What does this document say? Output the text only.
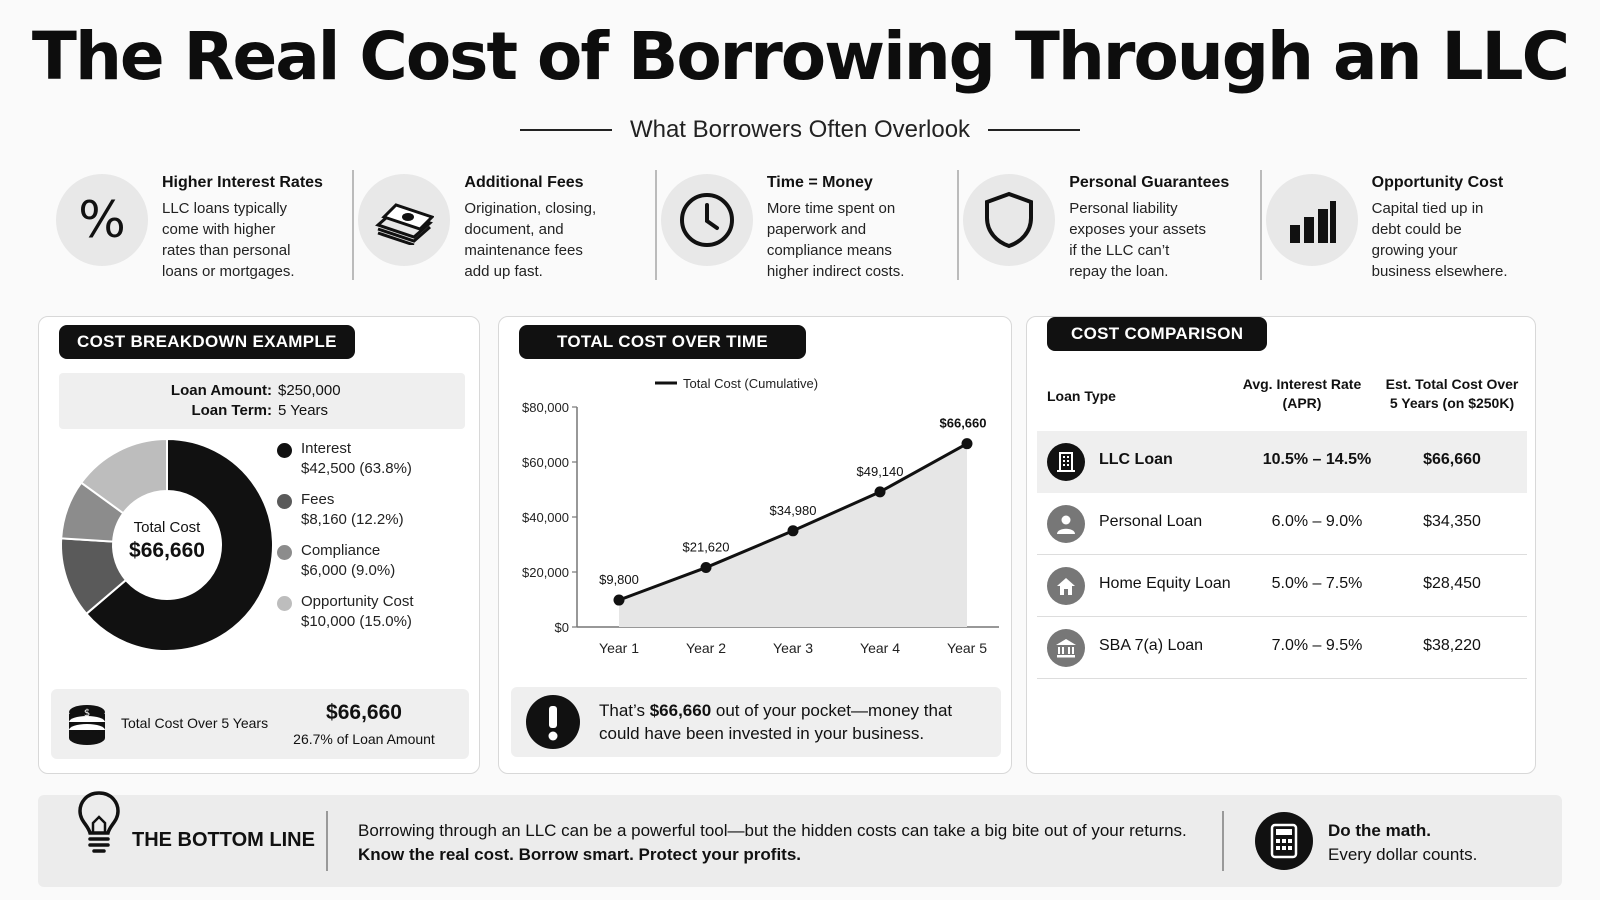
The Real Cost of Borrowing Through an LLC
What Borrowers Often Overlook
%
Higher Interest Rates

LLC loans typically
come with higher
rates than personal
loans or mortgages.

Additional Fees

Origination, closing,
document, and
maintenance fees
add up fast.

Time = Money

More time spent on
paperwork and
compliance means
higher indirect costs.

Personal Guarantees

Personal liability
exposes your assets
if the LLC can’t
repay the loan.

Opportunity Cost

Capital tied up in
debt could be
growing your
business elsewhere.

COST BREAKDOWN EXAMPLE
Loan Amount: $250,000
Loan Term: 5 Years
Total Cost
$66,660
Interest
$42,500 (63.8%)
Fees
$8,160 (12.2%)
Compliance
$6,000 (9.0%)
Opportunity Cost
$10,000 (15.0%)
$
Total Cost Over 5 Years	$66,660
26.7% of Loan Amount
TOTAL COST OVER TIME
Total Cost (Cumulative)
$0
$20,000
$40,000
$60,000
$80,000
$9,800
Year 1
$21,620
Year 2
$34,980
Year 3
$49,140
Year 4
$66,660
Year 5
That’s $66,660 out of your pocket—money that
could have been invested in your business.
COST COMPARISON
Loan Type
Avg. Interest Rate
(APR)
Est. Total Cost Over
5 Years (on $250K)
LLC Loan	10.5% – 14.5%	$66,660
Personal Loan	6.0% – 9.0%	$34,350
Home Equity Loan	5.0% – 7.5%	$28,450
SBA 7(a) Loan	7.0% – 9.5%	$38,220
THE BOTTOM LINE	Borrowing through an LLC can be a powerful tool—but the hidden costs can take a big bite out of your returns.
Know the real cost. Borrow smart. Protect your profits.
Do the math.
Every dollar counts.
